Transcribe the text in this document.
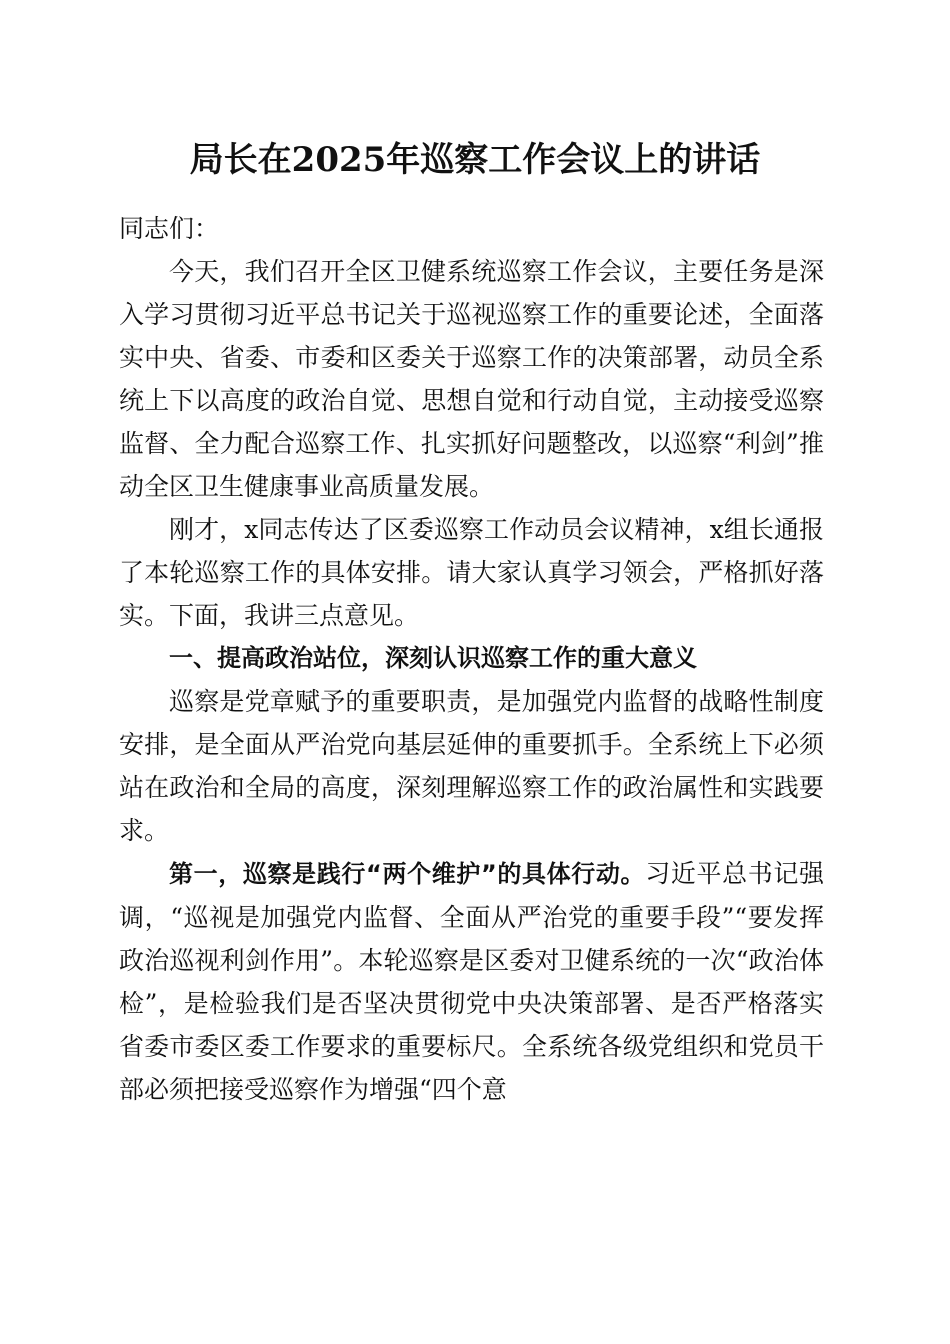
局长在2025年巡察工作会议上的讲话

同志们：

今天，我们召开全区卫健系统巡察工作会议，主要任务是深入学习贯彻习近平总书记关于巡视巡察工作的重要论述，全面落实中央、省委、市委和区委关于巡察工作的决策部署，动员全系统上下以高度的政治自觉、思想自觉和行动自觉，主动接受巡察监督、全力配合巡察工作、扎实抓好问题整改，以巡察“利剑”推动全区卫生健康事业高质量发展。

刚才，x同志传达了区委巡察工作动员会议精神，x组长通报了本轮巡察工作的具体安排。请大家认真学习领会，严格抓好落实。下面，我讲三点意见。

一、提高政治站位，深刻认识巡察工作的重大意义

巡察是党章赋予的重要职责，是加强党内监督的战略性制度安排，是全面从严治党向基层延伸的重要抓手。全系统上下必须站在政治和全局的高度，深刻理解巡察工作的政治属性和实践要求。

第一，巡察是践行“两个维护”的具体行动。习近平总书记强调，“巡视是加强党内监督、全面从严治党的重要手段”“要发挥政治巡视利剑作用”。本轮巡察是区委对卫健系统的一次“政治体检”，是检验我们是否坚决贯彻党中央决策部署、是否严格落实省委市委区委工作要求的重要标尺。全系统各级党组织和党员干部必须把接受巡察作为增强“四个意
